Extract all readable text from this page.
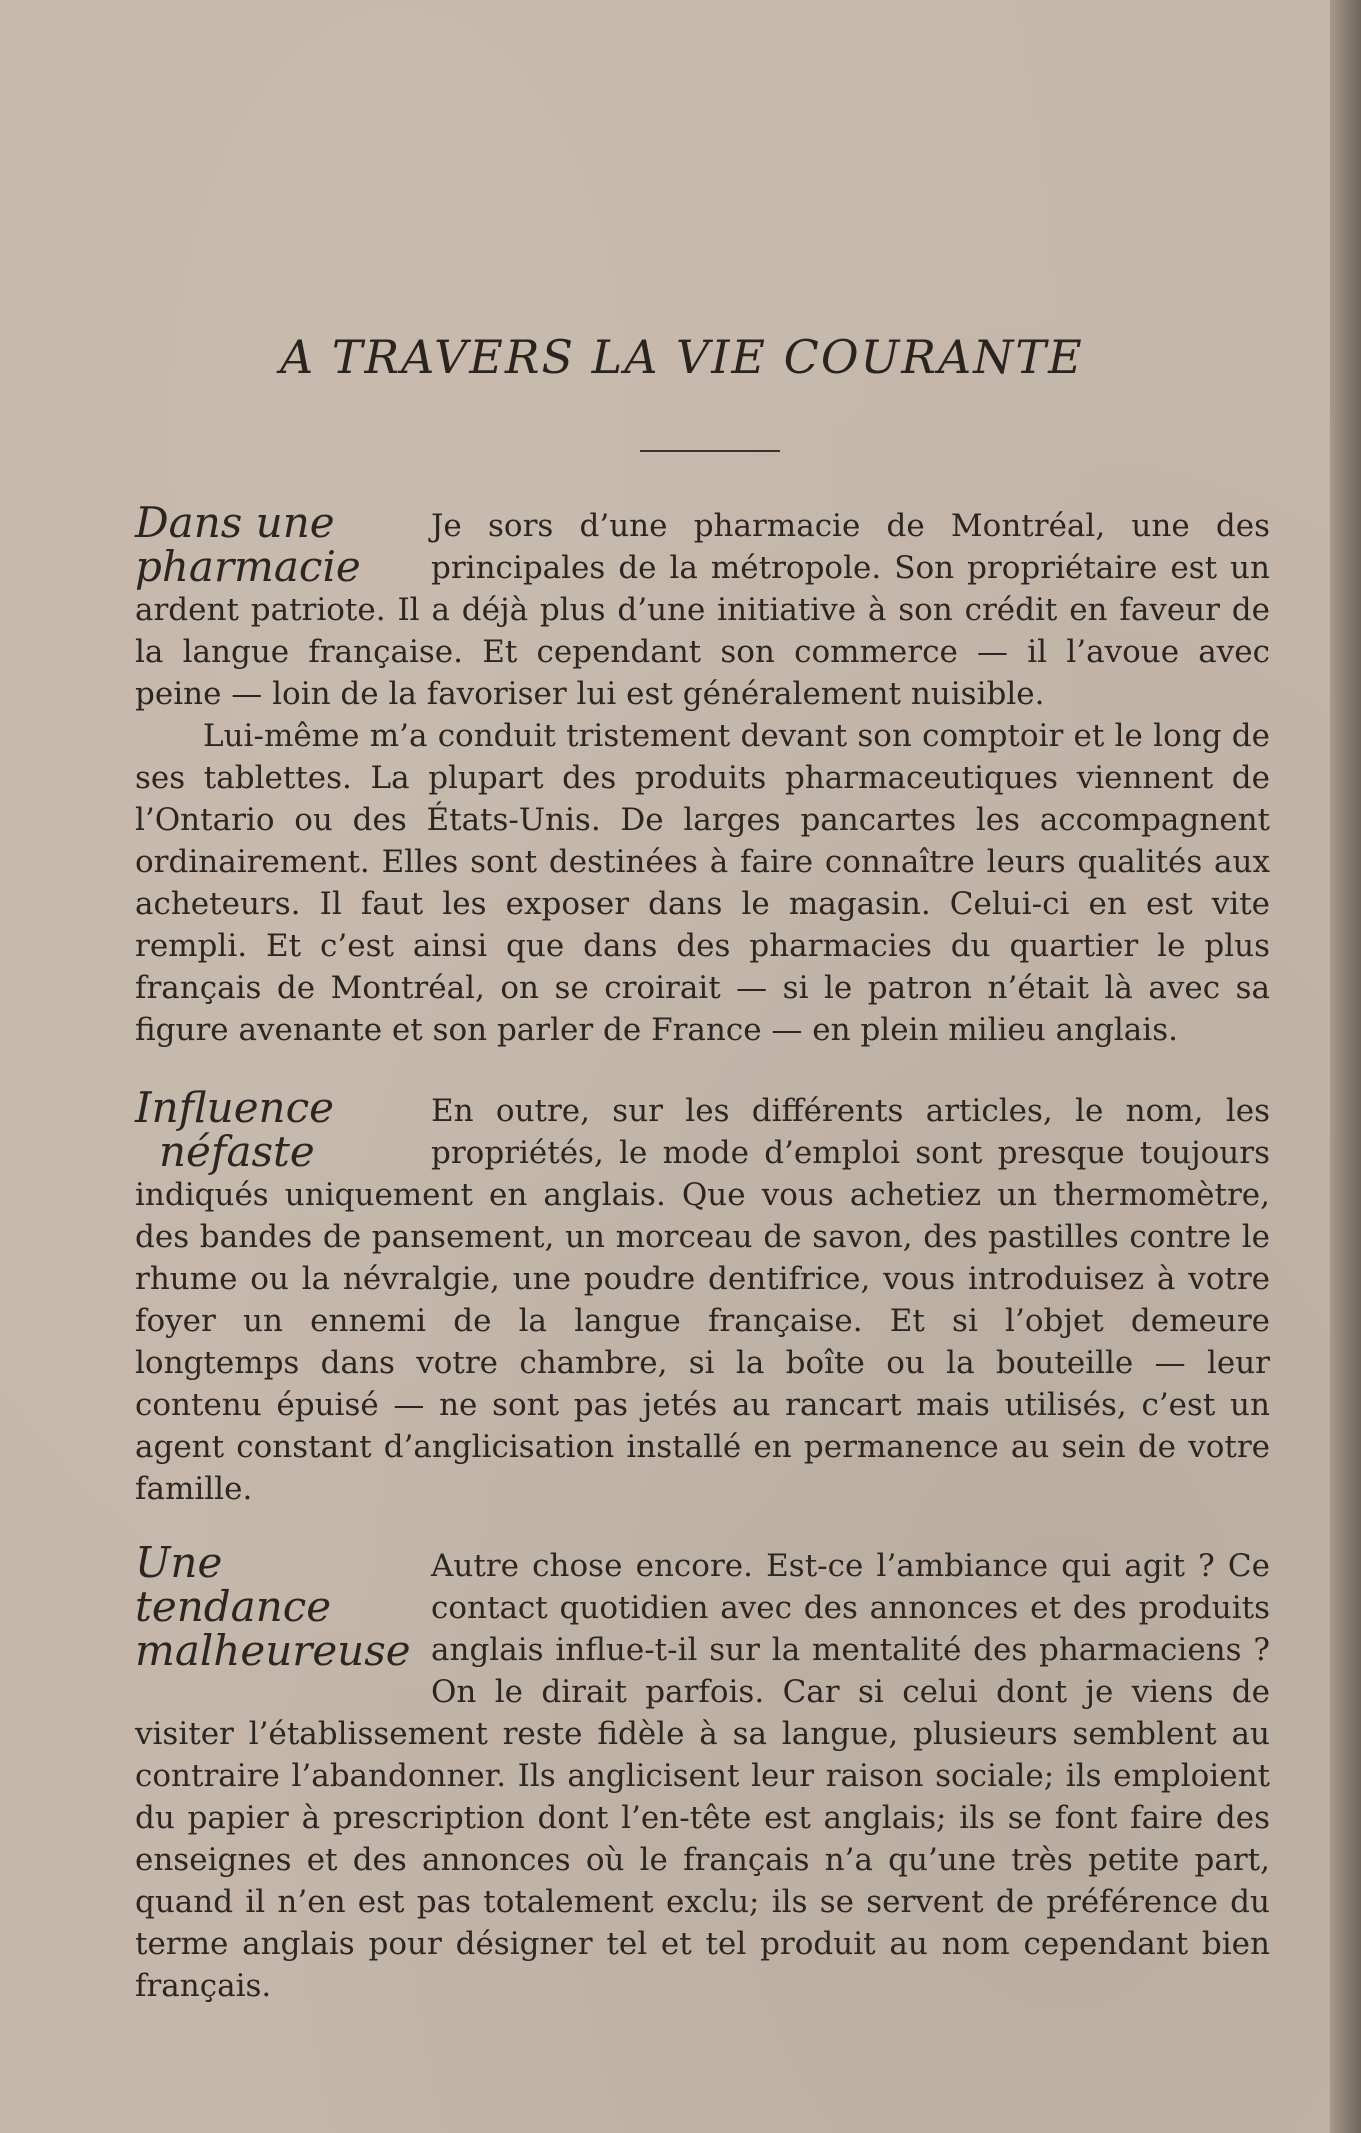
A TRAVERS LA VIE COURANTE
Dans une
pharmacie

Je sors d’une pharmacie de Montréal, une des principales de la métropole. Son propriétaire est un ardent patriote. Il a déjà plus d’une initiative à son crédit en faveur de la langue française. Et cependant son commerce — il l’avoue avec peine — loin de la favoriser lui est généralement nuisible.

Lui-même m’a conduit tristement devant son comptoir et le long de ses tablettes. La plupart des produits pharmaceutiques viennent de l’Ontario ou des États-Unis. De larges pancartes les accompagnent ordinairement. Elles sont destinées à faire connaître leurs qualités aux acheteurs. Il faut les exposer dans le magasin. Celui-ci en est vite rempli. Et c’est ainsi que dans des pharmacies du quartier le plus français de Montréal, on se croirait — si le patron n’était là avec sa figure avenante et son parler de France — en plein milieu anglais.

Influence
néfaste

En outre, sur les différents articles, le nom, les propriétés, le mode d’emploi sont presque toujours indiqués uniquement en anglais. Que vous achetiez un thermomètre, des bandes de pansement, un morceau de savon, des pastilles contre le rhume ou la névralgie, une poudre dentifrice, vous introduisez à votre foyer un ennemi de la langue française. Et si l’objet demeure longtemps dans votre chambre, si la boîte ou la bouteille — leur contenu épuisé — ne sont pas jetés au rancart mais utilisés, c’est un agent constant d’anglicisation installé en permanence au sein de votre famille.

Une tendance
malheureuse

Autre chose encore. Est-ce l’ambiance qui agit ? Ce contact quotidien avec des annonces et des produits anglais influe-t-il sur la mentalité des pharmaciens ? On le dirait parfois. Car si celui dont je viens de visiter l’établissement reste fidèle à sa langue, plusieurs semblent au contraire l’abandonner. Ils anglicisent leur raison sociale; ils emploient du papier à prescription dont l’en-tête est anglais; ils se font faire des enseignes et des annonces où le français n’a qu’une très petite part, quand il n’en est pas totalement exclu; ils se servent de préférence du terme anglais pour désigner tel et tel produit au nom cependant bien français.
